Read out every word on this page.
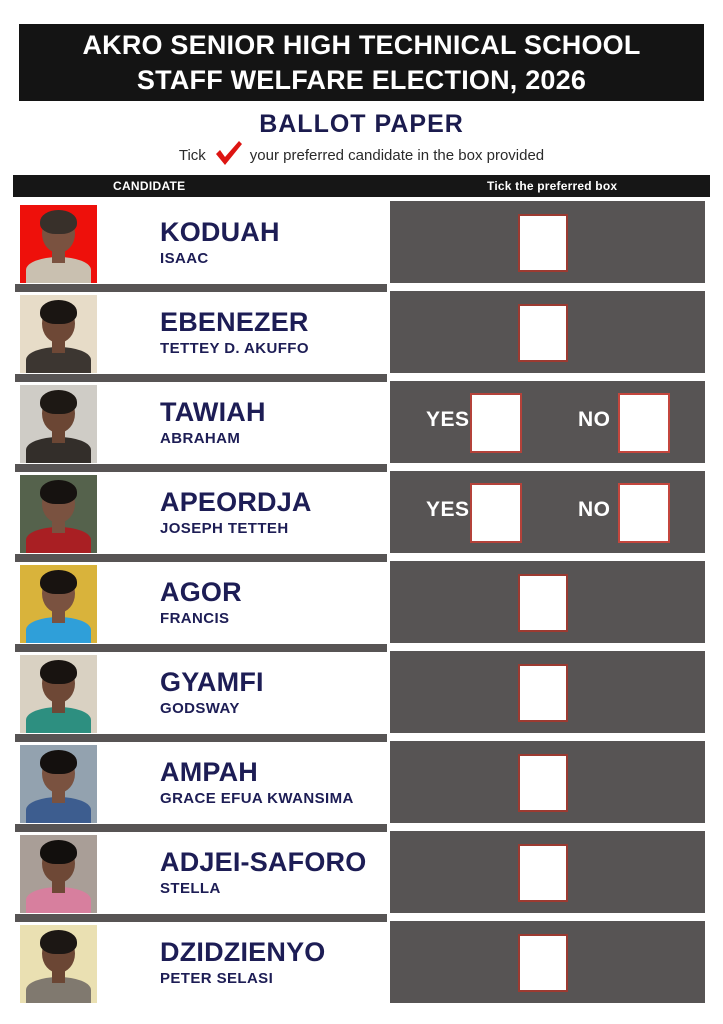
AKRO SENIOR HIGH TECHNICAL SCHOOL
STAFF WELFARE ELECTION, 2026
BALLOT PAPER
Tick	your preferred candidate in the box provided
CANDIDATE	Tick the preferred box
KODUAH
ISAAC
EBENEZER
TETTEY D. AKUFFO
TAWIAH
ABRAHAM
YES	NO
APEORDJA
JOSEPH TETTEH
YES	NO
AGOR
FRANCIS
GYAMFI
GODSWAY
AMPAH
GRACE EFUA KWANSIMA
ADJEI-SAFORO
STELLA
DZIDZIENYO
PETER SELASI
